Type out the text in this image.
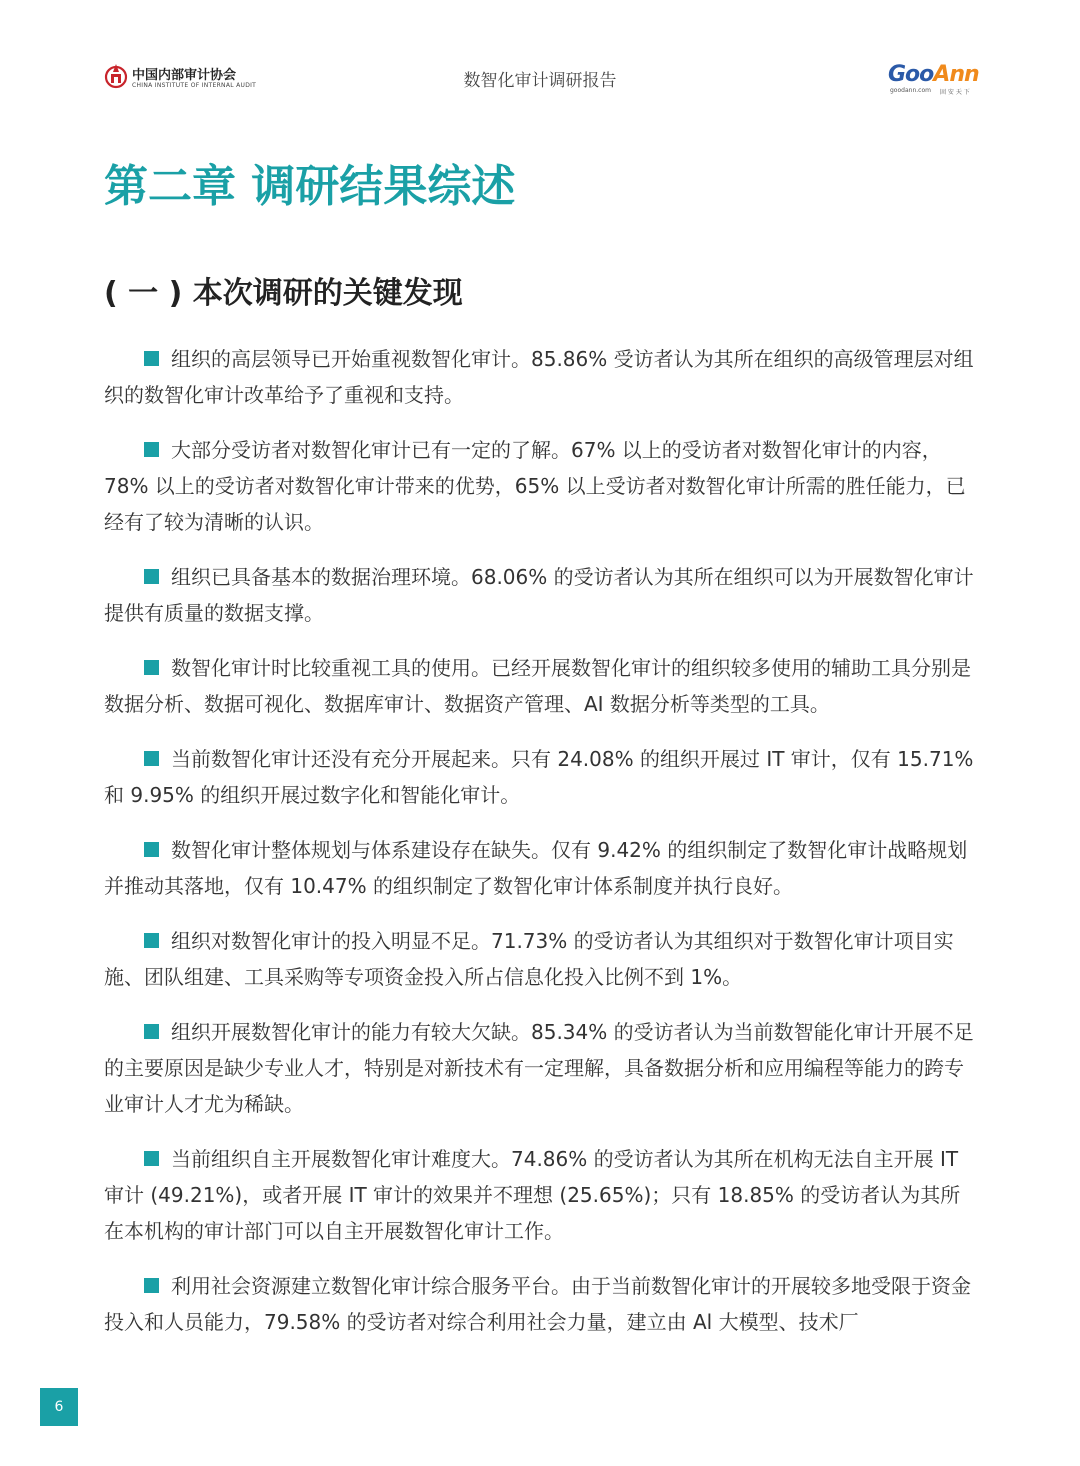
中国内部审计协会
CHINA INSTITUTE OF INTERNAL AUDIT	数智化审计调研报告	GooAnn
goodann.com 固 安 天 下
第二章 调研结果综述
( 一 ) 本次调研的关键发现

组织的高层领导已开始重视数智化审计。85.86% 受访者认为其所在组织的高级管理层对组织的数智化审计改革给予了重视和支持。

大部分受访者对数智化审计已有一定的了解。67% 以上的受访者对数智化审计的内容，78% 以上的受访者对数智化审计带来的优势，65% 以上受访者对数智化审计所需的胜任能力，已经有了较为清晰的认识。

组织已具备基本的数据治理环境。68.06% 的受访者认为其所在组织可以为开展数智化审计提供有质量的数据支撑。

数智化审计时比较重视工具的使用。已经开展数智化审计的组织较多使用的辅助工具分别是数据分析、数据可视化、数据库审计、数据资产管理、AI 数据分析等类型的工具。

当前数智化审计还没有充分开展起来。只有 24.08% 的组织开展过 IT 审计，仅有 15.71% 和 9.95% 的组织开展过数字化和智能化审计。

数智化审计整体规划与体系建设存在缺失。仅有 9.42% 的组织制定了数智化审计战略规划并推动其落地，仅有 10.47% 的组织制定了数智化审计体系制度并执行良好。

组织对数智化审计的投入明显不足。71.73% 的受访者认为其组织对于数智化审计项目实施、团队组建、工具采购等专项资金投入所占信息化投入比例不到 1%。

组织开展数智化审计的能力有较大欠缺。85.34% 的受访者认为当前数智能化审计开展不足的主要原因是缺少专业人才，特别是对新技术有一定理解，具备数据分析和应用编程等能力的跨专业审计人才尤为稀缺。

当前组织自主开展数智化审计难度大。74.86% 的受访者认为其所在机构无法自主开展 IT 审计 (49.21%)，或者开展 IT 审计的效果并不理想 (25.65%)；只有 18.85% 的受访者认为其所在本机构的审计部门可以自主开展数智化审计工作。

利用社会资源建立数智化审计综合服务平台。由于当前数智化审计的开展较多地受限于资金投入和人员能力，79.58% 的受访者对综合利用社会力量，建立由 Al 大模型、技术厂

6
